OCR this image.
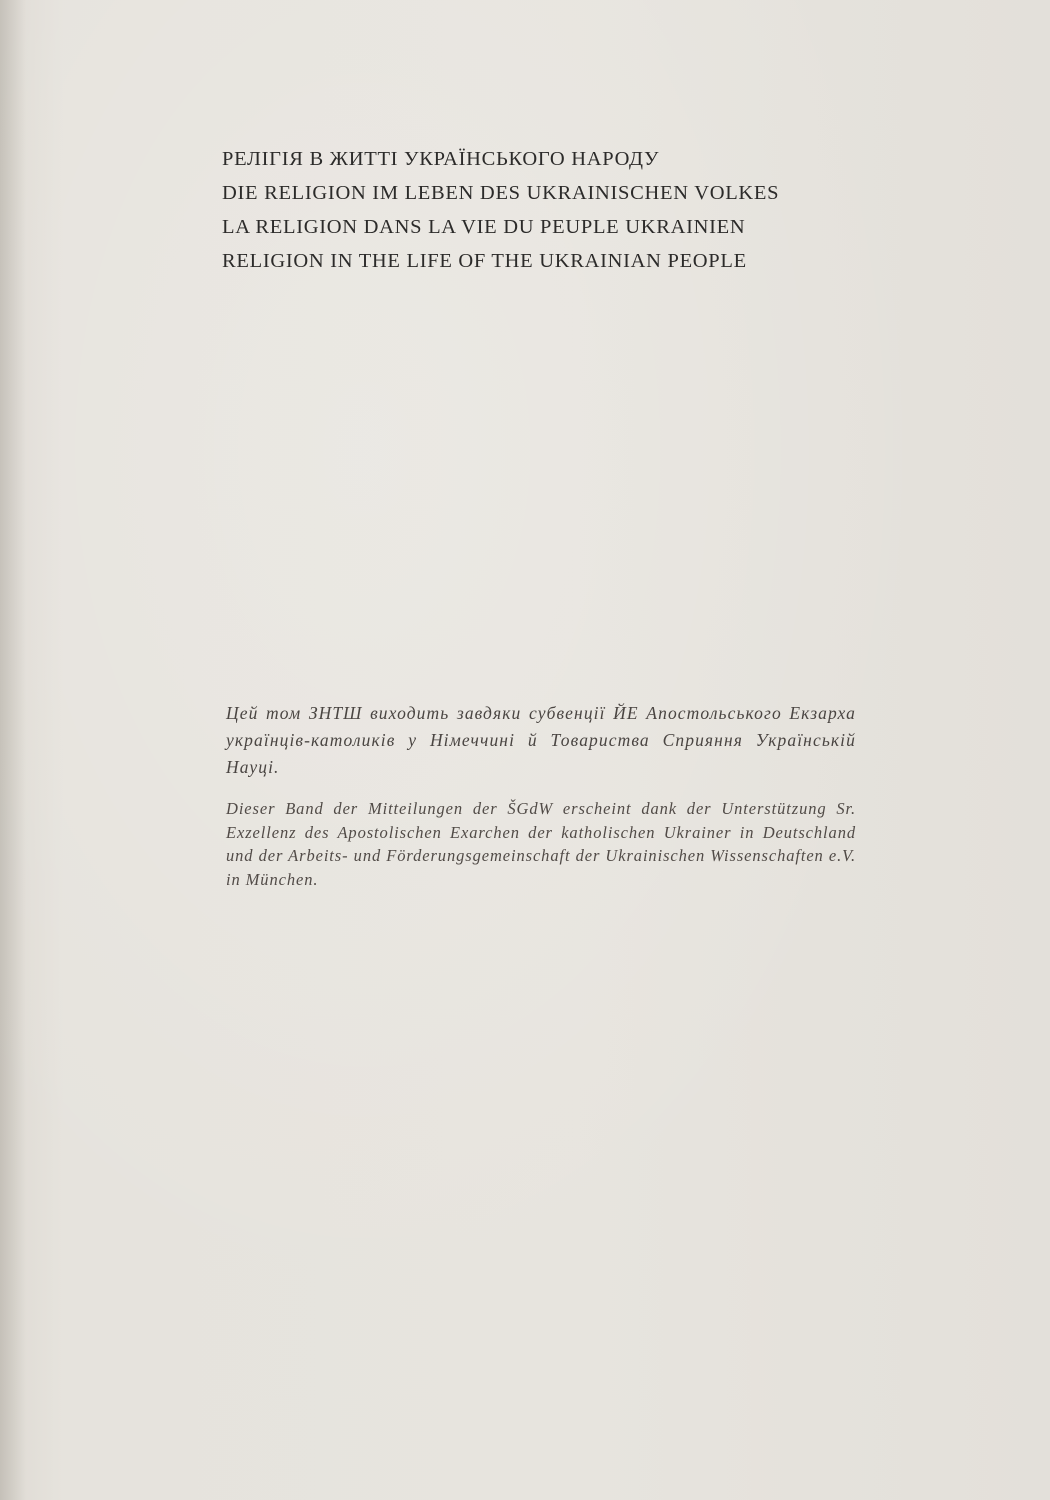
РЕЛІГІЯ В ЖИТТІ УКРАЇНСЬКОГО НАРОДУ
DIE RELIGION IM LEBEN DES UKRAINISCHEN VOLKES
LA RELIGION DANS LA VIE DU PEUPLE UKRAINIEN
RELIGION IN THE LIFE OF THE UKRAINIAN PEOPLE
Цей том ЗНТШ виходить завдяки субвенції ЙЕ Апостольського Екзарха українців-католиків у Німеччині й Товариства Сприяння Українській Науці.
Dieser Band der Mitteilungen der ŠGdW erscheint dank der Unterstützung Sr. Exzellenz des Apostolischen Exarchen der katholischen Ukrainer in Deutschland und der Arbeits- und Förderungsgemeinschaft der Ukrainischen Wissenschaften e.V. in München.
